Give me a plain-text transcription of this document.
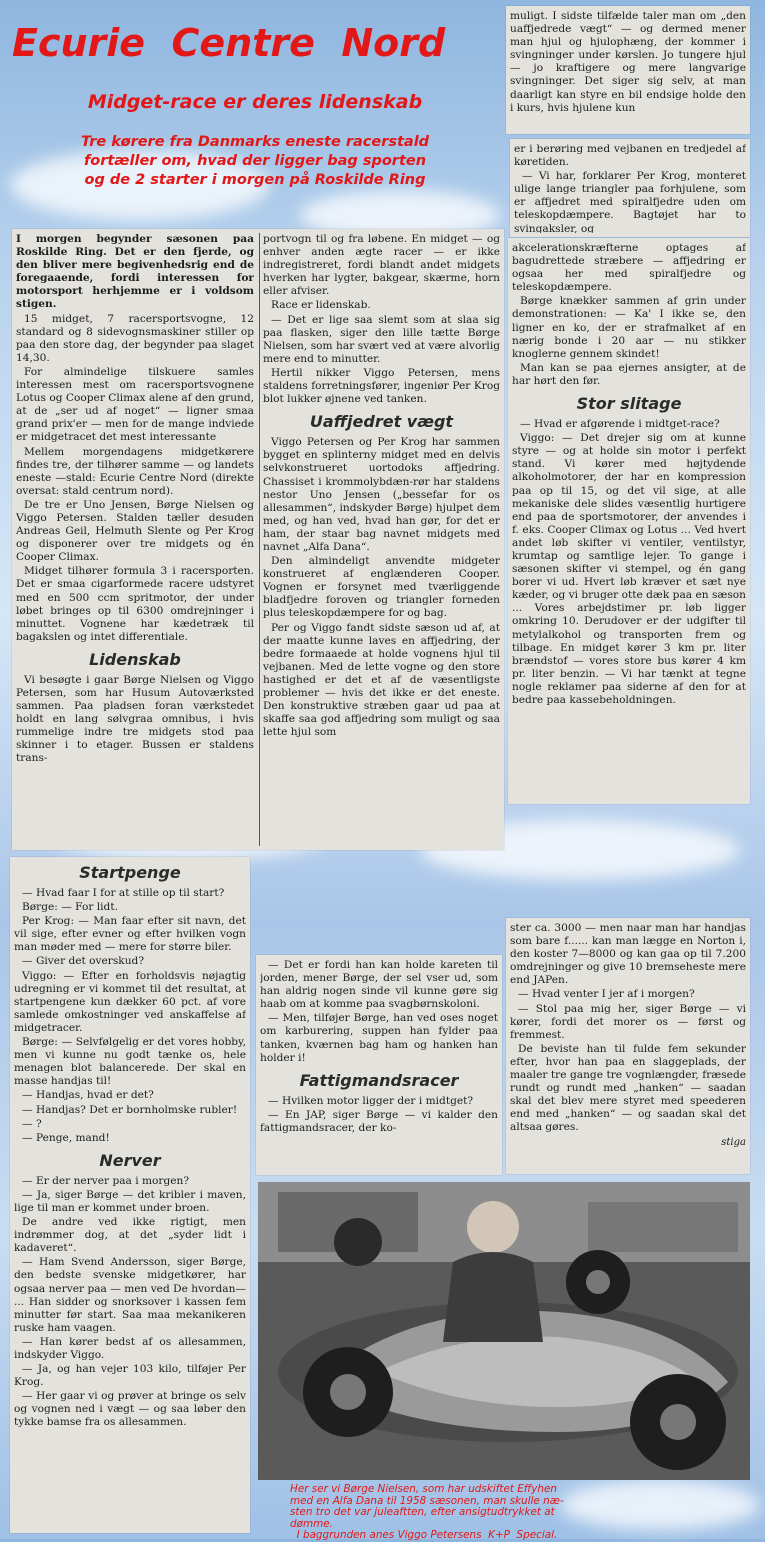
Ecurie  Centre  Nord
Midget-race er deres lidenskab
Tre kørere fra Danmarks eneste racerstald
fortæller om, hvad der ligger bag sporten
og de 2 starter i morgen på Roskilde Ring

muligt. I sidste tilfælde taler man om „den uaffjedrede vægt“ — og dermed mener man hjul og hjulophæng, der kommer i svingninger under kørslen. Jo tungere hjul — jo kraftigere og mere langvarige svingninger. Det siger sig selv, at man daarligt kan styre en bil endsige holde den i kurs, hvis hjulene kun

er i berøring med vejbanen en tredjedel af køretiden.

— Vi har, forklarer Per Krog, monteret ulige lange triangler paa forhjulene, som er affjedret med spiralfjedre uden om teleskopdæmpere. Bagtøjet har to svingaksler, og

I morgen begynder sæsonen paa Roskilde Ring. Det er den fjerde, og den bliver mere begivenhedsrig end de foregaaende, fordi interessen for motorsport herhjemme er i voldsom stigen.

15 midget, 7 racersportsvogne, 12 standard og 8 sidevognsmaskiner stiller op paa den store dag, der begynder paa slaget 14,30.

For almindelige tilskuere samles interessen mest om racersportsvognene Lotus og Cooper Climax alene af den grund, at de „ser ud af noget“ — ligner smaa grand prix'er — men for de mange indviede er midgetracet det mest interessante

Mellem morgendagens midgetkørere findes tre, der tilhører samme — og landets eneste —stald: Ecurie Centre Nord (direkte oversat: stald centrum nord).

De tre er Uno Jensen, Børge Nielsen og Viggo Petersen. Stalden tæller desuden Andreas Geil, Helmuth Slente og Per Krog og disponerer over tre midgets og én Cooper Climax.

Midget tilhører formula 3 i racersporten. Det er smaa cigarformede racere udstyret med en 500 ccm spritmotor, der under løbet bringes op til 6300 omdrejninger i minuttet. Vognene har kædetræk til bagakslen og intet differentiale.

Lidenskab

Vi besøgte i gaar Børge Nielsen og Viggo Petersen, som har Husum Autoværksted sammen. Paa pladsen foran værkstedet holdt en lang sølvgraa omnibus, i hvis rummelige indre tre midgets stod paa skinner i to etager. Bussen er staldens trans-

portvogn til og fra løbene. En midget — og enhver anden ægte racer — er ikke indregistreret, fordi blandt andet midgets hverken har lygter, bakgear, skærme, horn eller afviser.

Race er lidenskab.

— Det er lige saa slemt som at slaa sig paa flasken, siger den lille tætte Børge Nielsen, som har svært ved at være alvorlig mere end to minutter.

Hertil nikker Viggo Petersen, mens staldens forretningsfører, ingeniør Per Krog blot lukker øjnene ved tanken.

Uaffjedret vægt

Viggo Petersen og Per Krog har sammen bygget en splinterny midget med en delvis selvkonstrueret uortodoks affjedring. Chassiset i krommolybdæn-rør har staldens nestor Uno Jensen („bessefar for os allesammen“, indskyder Børge) hjulpet dem med, og han ved, hvad han gør, for det er ham, der staar bag navnet midgets med navnet „Alfa Dana“.

Den almindeligt anvendte midgeter konstrueret af englænderen Cooper. Vognen er forsynet med tværliggende bladfjedre foroven og triangler forneden plus teleskopdæmpere for og bag.

Per og Viggo fandt sidste sæson ud af, at der maatte kunne laves en affjedring, der bedre formaaede at holde vognens hjul til vejbanen. Med de lette vogne og den store hastighed er det et af de væsentligste problemer — hvis det ikke er det eneste. Den konstruktive stræben gaar ud paa at skaffe saa god affjedring som muligt og saa lette hjul som

akcelerationskræfterne optages af bagudrettede stræbere — affjedring er ogsaa her med spiralfjedre og teleskopdæmpere.

Børge knækker sammen af grin under demonstrationen: — Ka' I ikke se, den ligner en ko, der er strafmalket af en nærig bonde i 20 aar — nu stikker knoglerne gennem skindet!

Man kan se paa ejernes ansigter, at de har hørt den før.

Stor slitage

— Hvad er afgørende i midtget-race?

Viggo: — Det drejer sig om at kunne styre — og at holde sin motor i perfekt stand. Vi kører med højtydende alkoholmotorer, der har en kompression paa op til 15, og det vil sige, at alle mekaniske dele slides væsentlig hurtigere end paa de sportsmotorer, der anvendes i f. eks. Cooper Climax og Lotus ... Ved hvert andet løb skifter vi ventiler, ventilstyr, krumtap og samtlige lejer. To gange i sæsonen skifter vi stempel, og én gang borer vi ud. Hvert løb kræver et sæt nye kæder, og vi bruger otte dæk paa en sæson ... Vores arbejdstimer pr. løb ligger omkring 10. Derudover er der udgifter til metylalkohol og transporten frem og tilbage. En midget kører 3 km pr. liter brændstof — vores store bus kører 4 km pr. liter benzin. — Vi har tænkt at tegne nogle reklamer paa siderne af den for at bedre paa kassebeholdningen.

Startpenge

— Hvad faar I for at stille op til start?

Børge: — For lidt.

Per Krog: — Man faar efter sit navn, det vil sige, efter evner og efter hvilken vogn man møder med — mere for større biler.

— Giver det overskud?

Viggo: — Efter en forholdsvis nøjagtig udregning er vi kommet til det resultat, at startpengene kun dækker 60 pct. af vore samlede omkostninger ved anskaffelse af midgetracer.

Børge: — Selvfølgelig er det vores hobby, men vi kunne nu godt tænke os, hele menagen blot balancerede. Der skal en masse handjas til!

— Handjas, hvad er det?

— Handjas? Det er bornholmske rubler!

— ?

— Penge, mand!

Nerver

— Er der nerver paa i morgen?

— Ja, siger Børge — det kribler i maven, lige til man er kommet under broen.

De andre ved ikke rigtigt, men indrømmer dog, at det „syder lidt i kadaveret“.

— Ham Svend Andersson, siger Børge, den bedste svenske midgetkører, har ogsaa nerver paa — men ved De hvordan— ... Han sidder og snorksover i kassen fem minutter før start. Saa maa mekanikeren ruske ham vaagen.

— Han kører bedst af os allesammen, indskyder Viggo.

— Ja, og han vejer 103 kilo, tilføjer Per Krog.

— Her gaar vi og prøver at bringe os selv og vognen ned i vægt — og saa løber den tykke bamse fra os allesammen.

— Det er fordi han kan holde kareten til jorden, mener Børge, der sel vser ud, som han aldrig nogen sinde vil kunne gøre sig haab om at komme paa svagbørnskoloni.

— Men, tilføjer Børge, han ved oses noget om karburering, suppen han fylder paa tanken, kværnen bag ham og hanken han holder i!

Fattigmandsracer

— Hvilken motor ligger der i midtget?

— En JAP, siger Børge — vi kalder den fattigmandsracer, der ko-

ster ca. 3000 — men naar man har handjas som bare f...... kan man lægge en Norton i, den koster 7—8000 og kan gaa op til 7.200 omdrejninger og give 10 bremseheste mere end JAPen.

— Hvad venter I jer af i morgen?

— Stol paa mig her, siger Børge — vi kører, fordi det morer os — først og fremmest.

De beviste han til fulde fem sekunder efter, hvor han paa en slaggeplads, der maaler tre gange tre vognlængder, fræsede rundt og rundt med „hanken“ — saadan skal det blev mere styret med speederen end med „hanken“ — og saadan skal det altsaa gøres.

stiga
Her ser vi Børge Nielsen, som har udskiftet Effyhen
med en Alfa Dana til 1958 sæsonen, man skulle næ-
sten tro det var juleaftten, efter ansigtudtrykket at
dømme.
I baggrunden anes Viggo Petersens  K+P  Special.
